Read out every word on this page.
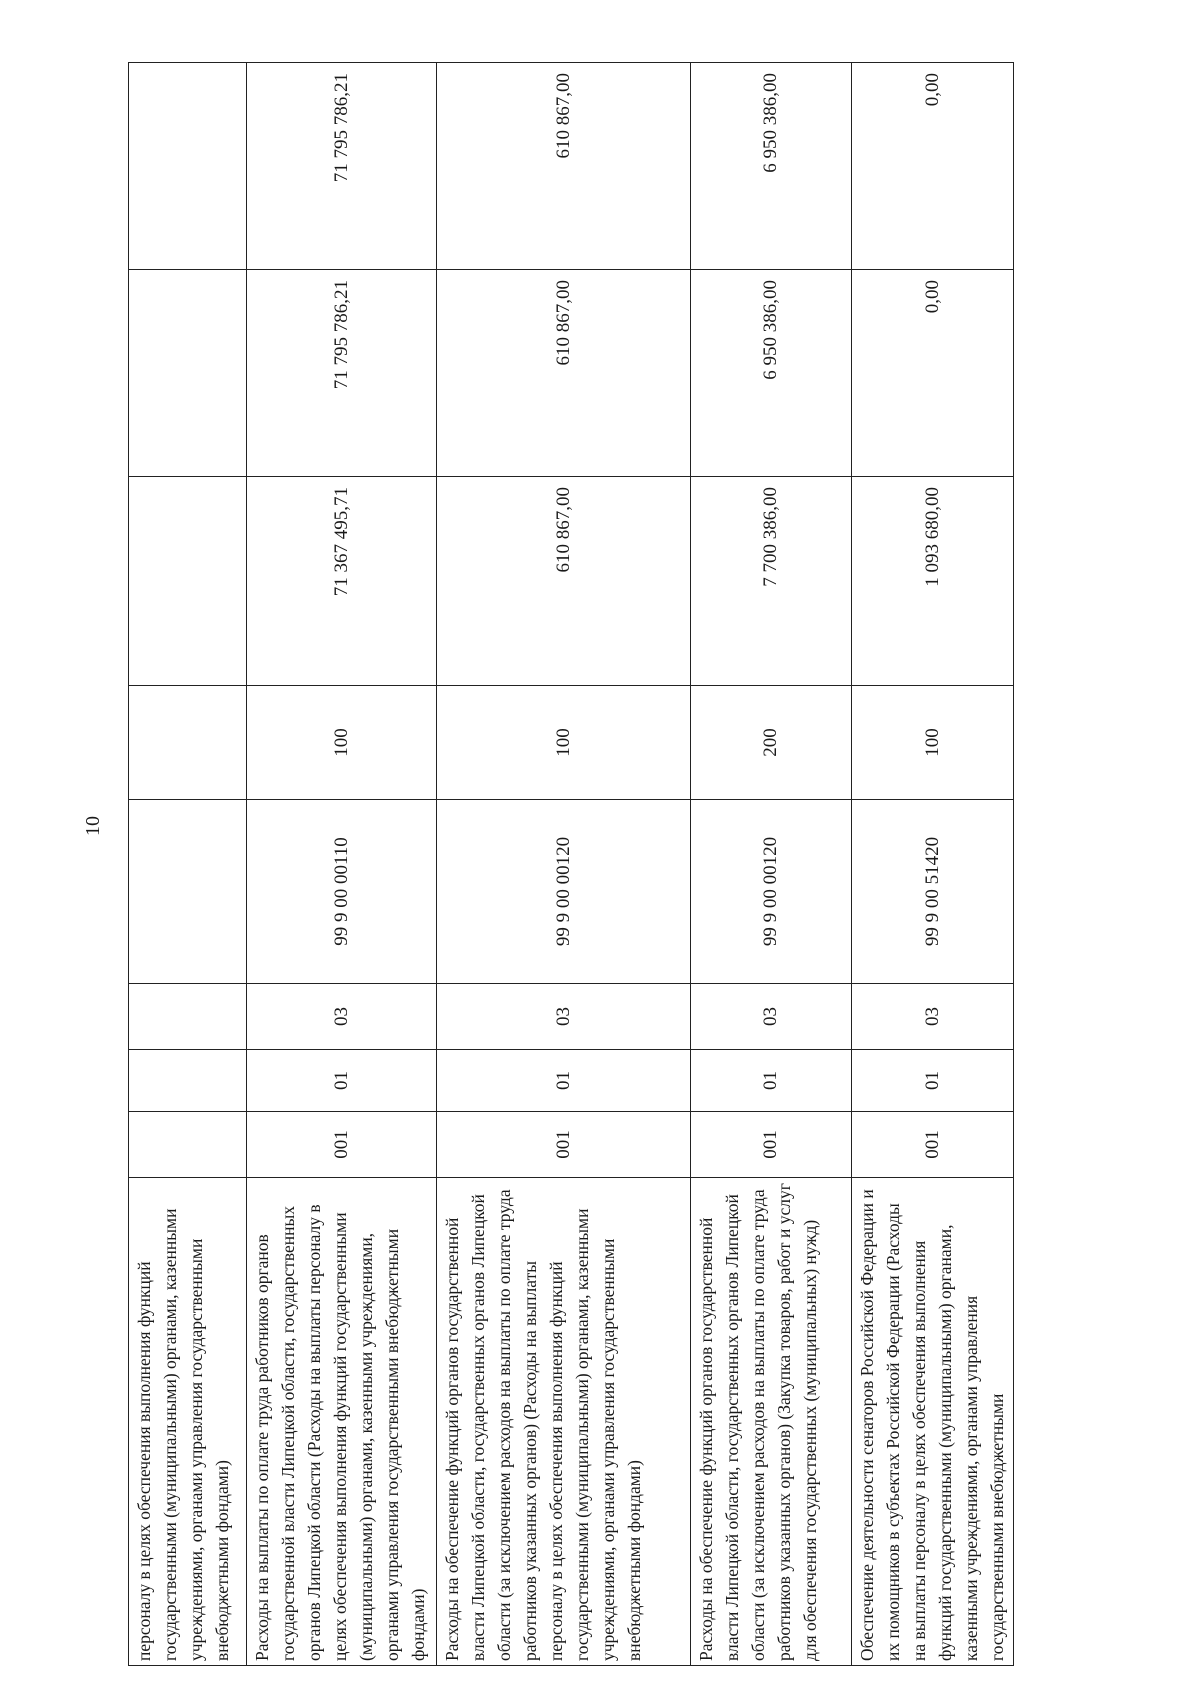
10
персоналу в целях обеспечения выполнения функций государственными (муниципальными) органами, казенными учреждениями, органами управления государственными внебюджетными фондами)								
Расходы на выплаты по оплате труда работников органов государственной власти Липецкой области, государственных органов Липецкой области (Расходы на выплаты персоналу в целях обеспечения выполнения функций государственными (муниципальными) органами, казенными учреждениями, органами управления государственными внебюджетными фондами)	001	01	03	99 9 00 00110	100	71 367 495,71	71 795 786,21	71 795 786,21
Расходы на обеспечение функций органов государственной власти Липецкой области, государственных органов Липецкой области (за исключением расходов на выплаты по оплате труда работников указанных органов) (Расходы на выплаты персоналу в целях обеспечения выполнения функций государственными (муниципальными) органами, казенными учреждениями, органами управления государственными внебюджетными фондами)	001	01	03	99 9 00 00120	100	610 867,00	610 867,00	610 867,00
Расходы на обеспечение функций органов государственной власти Липецкой области, государственных органов Липецкой области (за исключением расходов на выплаты по оплате труда работников указанных органов) (Закупка товаров, работ и услуг для обеспечения государственных (муниципальных) нужд)	001	01	03	99 9 00 00120	200	7 700 386,00	6 950 386,00	6 950 386,00
Обеспечение деятельности сенаторов Российской Федерации и их помощников в субъектах Российской Федерации (Расходы на выплаты персоналу в целях обеспечения выполнения функций государственными (муниципальными) органами, казенными учреждениями, органами управления государственными внебюджетными	001	01	03	99 9 00 51420	100	1 093 680,00	0,00	0,00
